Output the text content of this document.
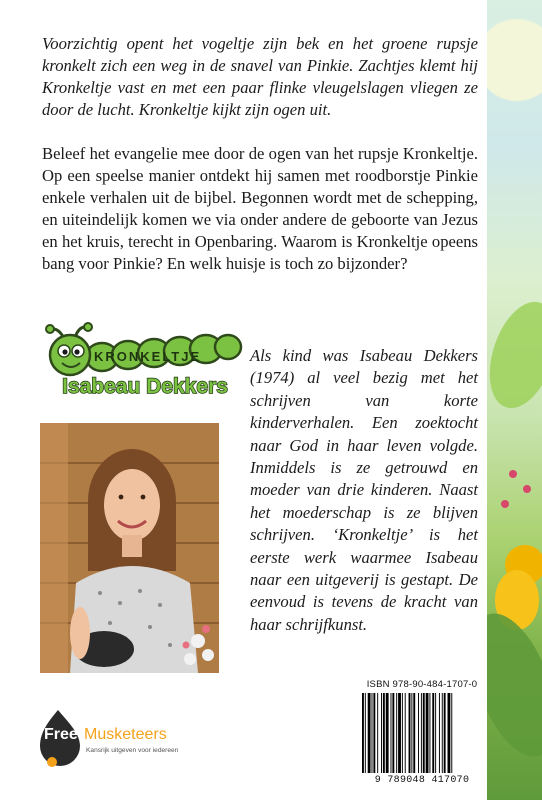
Voorzichtig opent het vogeltje zijn bek en het groene rupsje kronkelt zich een weg in de snavel van Pinkie. Zachtjes klemt hij Kronkeltje vast en met een paar flinke vleugelslagen vliegen ze door de lucht. Kronkeltje kijkt zijn ogen uit.

Beleef het evangelie mee door de ogen van het rupsje Kronkeltje. Op een speelse manier ontdekt hij samen met roodborstje Pinkie enkele verhalen uit de bijbel. Begonnen wordt met de schepping, en uiteindelijk komen we via onder andere de geboorte van Jezus en het kruis, terecht in Openbaring. Waarom is Kronkeltje opeens bang voor Pinkie? En welk huisje is toch zo bijzonder?

KRONKELTJE
Isabeau Dekkers

Als kind was Isabeau Dekkers (1974) al veel bezig met het schrijven van korte kinderverhalen. Een zoektocht naar God in haar leven volgde. Inmiddels is ze getrouwd en moeder van drie kinderen. Naast het moederschap is ze blijven schrijven. ‘Kronkeltje’ is het eerste werk waarmee Isabeau naar een uitgeverij is gestapt. De eenvoud is tevens de kracht van haar schrijfkunst.

Free Musketeers
Kansrijk uitgeven voor iedereen
ISBN 978-90-484-1707-0
9 789048 417070
